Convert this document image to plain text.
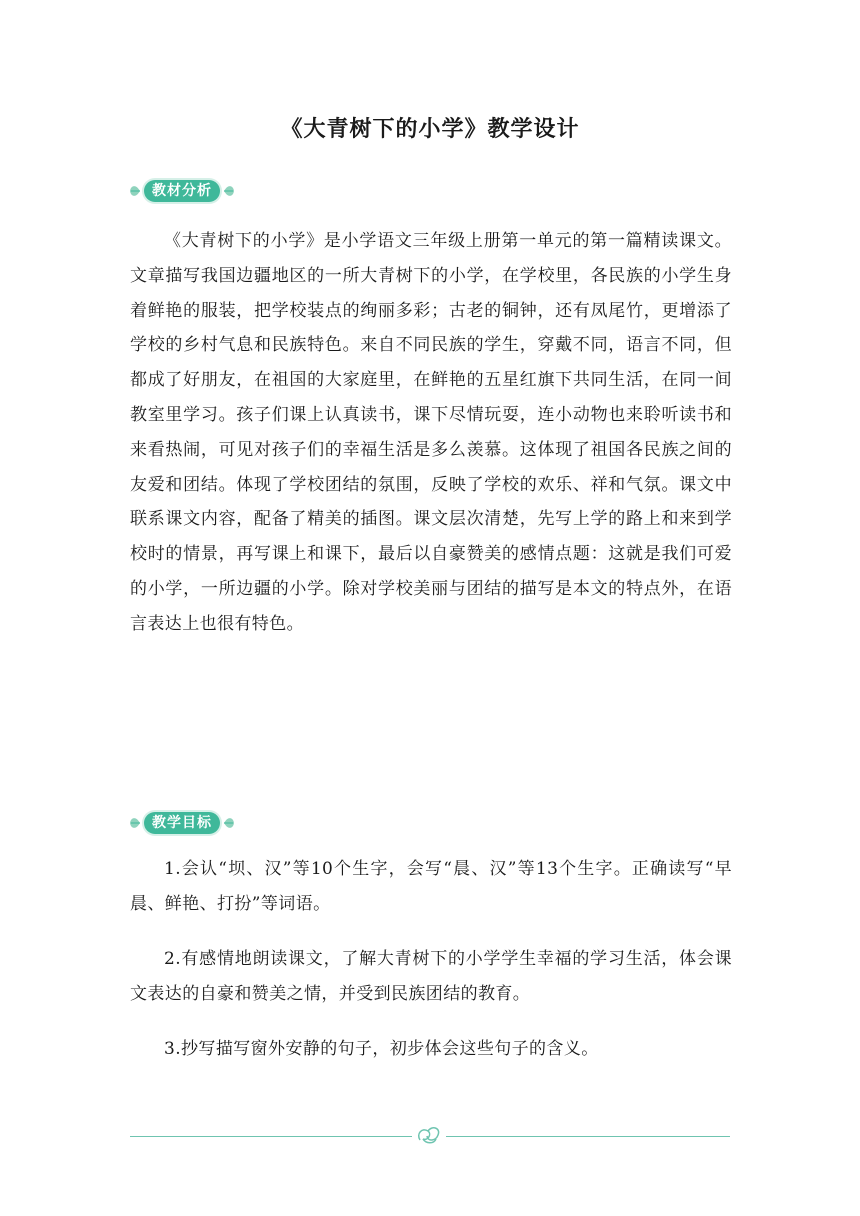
《大青树下的小学》教学设计
教材分析

《大青树下的小学》是小学语文三年级上册第一单元的第一篇精读课文。文章描写我国边疆地区的一所大青树下的小学，在学校里，各民族的小学生身着鲜艳的服装，把学校装点的绚丽多彩；古老的铜钟，还有凤尾竹，更增添了学校的乡村气息和民族特色。来自不同民族的学生，穿戴不同，语言不同，但都成了好朋友，在祖国的大家庭里，在鲜艳的五星红旗下共同生活，在同一间教室里学习。孩子们课上认真读书，课下尽情玩耍，连小动物也来聆听读书和来看热闹，可见对孩子们的幸福生活是多么羡慕。这体现了祖国各民族之间的友爱和团结。体现了学校团结的氛围，反映了学校的欢乐、祥和气氛。课文中联系课文内容，配备了精美的插图。课文层次清楚，先写上学的路上和来到学校时的情景，再写课上和课下，最后以自豪赞美的感情点题：这就是我们可爱的小学，一所边疆的小学。除对学校美丽与团结的描写是本文的特点外，在语言表达上也很有特色。

教学目标

1.会认“坝、汉”等10个生字，会写“晨、汉”等13个生字。正确读写“早晨、鲜艳、打扮”等词语。

2.有感情地朗读课文，了解大青树下的小学学生幸福的学习生活，体会课文表达的自豪和赞美之情，并受到民族团结的教育。

3.抄写描写窗外安静的句子，初步体会这些句子的含义。
